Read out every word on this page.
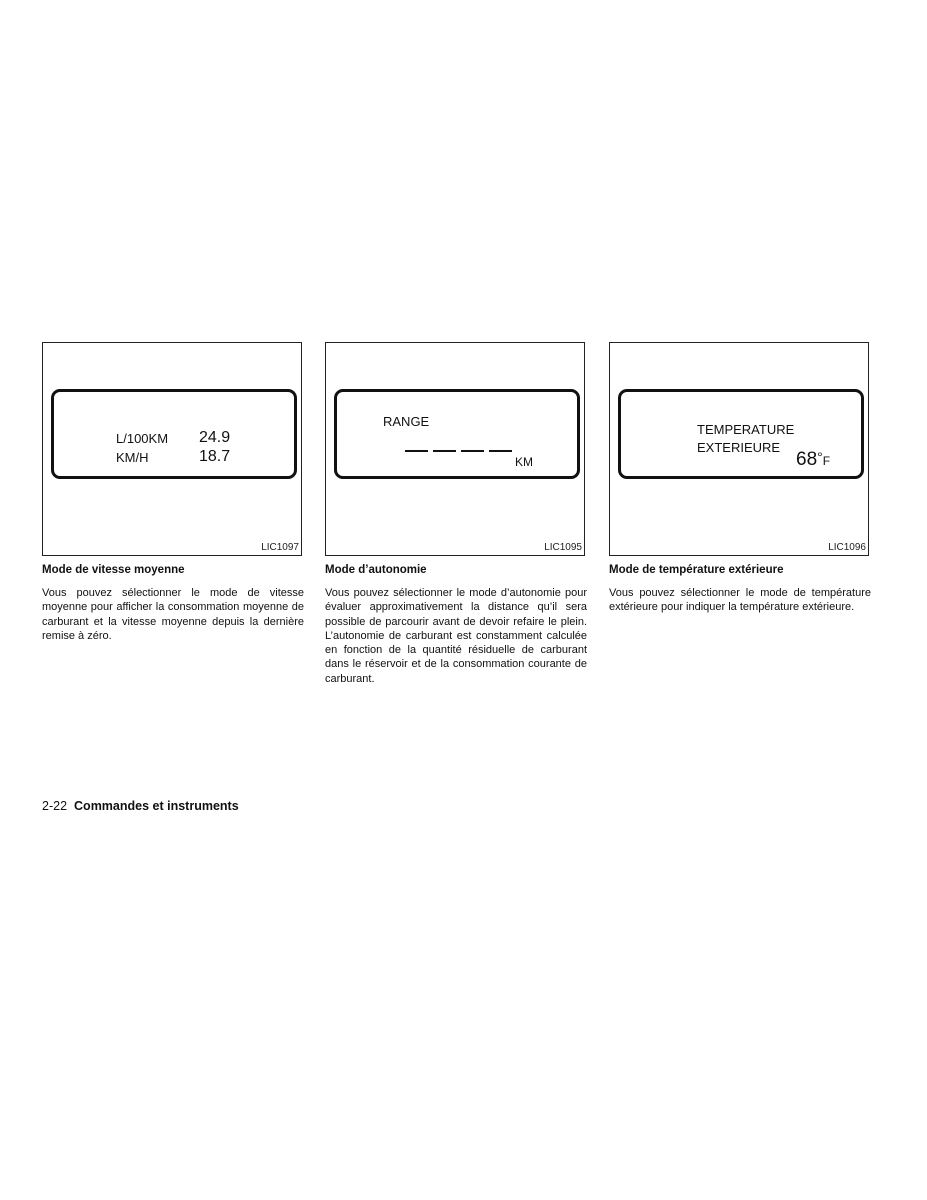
L/100KM 24.9
KM/H	18.7
LIC1097
Mode de vitesse moyenne
Vous pouvez sélectionner le mode de vitesse moyenne pour afficher la consommation moyenne de carburant et la vitesse moyenne depuis la dernière remise à zéro.
RANGE
KM
LIC1095
Mode d’autonomie
Vous pouvez sélectionner le mode d’autonomie pour évaluer approximativement la distance qu’il sera possible de parcourir avant de devoir refaire le plein. L’autonomie de carburant est constamment calculée en fonction de la quantité résiduelle de carburant dans le réservoir et de la consommation courante de carburant.
TEMPERATURE
EXTERIEURE
68°F
LIC1096
Mode de température extérieure
Vous pouvez sélectionner le mode de température extérieure pour indiquer la température extérieure.
2-22 Commandes et instruments
